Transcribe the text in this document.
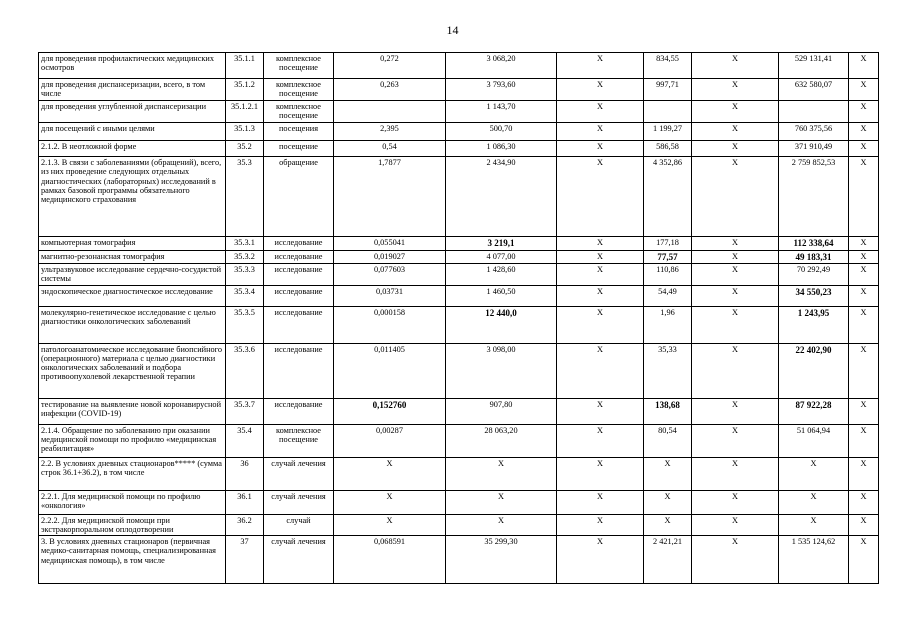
14
для проведения профилактических медицинских осмотров	35.1.1	комплексное посещение	0,272	3 068,20	Х	834,55	Х	529 131,41	Х
для проведения диспансеризации, всего, в том числе	35.1.2	комплексное посещение	0,263	3 793,60	Х	997,71	Х	632 580,07	Х
для проведения углубленной диспансеризации	35.1.2.1	комплексное посещение		1 143,70	Х		Х		Х
для посещений с иными целями	35.1.3	посещения	2,395	500,70	Х	1 199,27	Х	760 375,56	Х
2.1.2. В неотложной форме	35.2	посещение	0,54	1 086,30	Х	586,58	Х	371 910,49	Х
2.1.3. В связи с заболеваниями (обращений), всего, из них проведение следующих отдельных диагностических (лабораторных) исследований в рамках базовой программы обязательного медицинского страхования	35.3	обращение	1,7877	2 434,90	Х	4 352,86	Х	2 759 852,53	Х
компьютерная томография	35.3.1	исследование	0,055041	3 219,1	Х	177,18	Х	112 338,64	Х
магнитно-резонансная томография	35.3.2	исследование	0,019027	4 077,00	Х	77,57	Х	49 183,31	Х
ультразвуковое исследование сердечно-сосудистой системы	35.3.3	исследование	0,077603	1 428,60	Х	110,86	Х	70 292,49	Х
эндоскопическое диагностическое исследование	35.3.4	исследование	0,03731	1 460,50	Х	54,49	Х	34 550,23	Х
молекулярно-генетическое исследование с целью диагностики онкологических заболеваний	35.3.5	исследование	0,000158	12 440,0	Х	1,96	Х	1 243,95	Х
патологоанатомическое исследование биопсийного (операционного) материала с целью диагностики онкологических заболеваний и подбора противоопухолевой лекарственной терапии	35.3.6	исследование	0,011405	3 098,00	Х	35,33	Х	22 402,90	Х
тестирование на выявление новой коронавирусной инфекции (COVID-19)	35.3.7	исследование	0,152760	907,80	Х	138,68	Х	87 922,28	Х
2.1.4. Обращение по заболеванию при оказании медицинской помощи по профилю «медицинская реабилитация»	35.4	комплексное посещение	0,00287	28 063,20	Х	80,54	Х	51 064,94	Х
2.2. В условиях дневных стационаров***** (сумма строк 36.1+36.2), в том числе	36	случай лечения	Х	Х	Х	Х	Х	Х	Х
2.2.1. Для медицинской помощи по профилю «онкология»	36.1	случай лечения	Х	Х	Х	Х	Х	Х	Х
2.2.2. Для медицинской помощи при экстракорпоральном оплодотворении	36.2	случай	Х	Х	Х	Х	Х	Х	Х
3. В условиях дневных стационаров (первичная медико-санитарная помощь, специализированная медицинская помощь), в том числе	37	случай лечения	0,068591	35 299,30	Х	2 421,21	Х	1 535 124,62	Х
